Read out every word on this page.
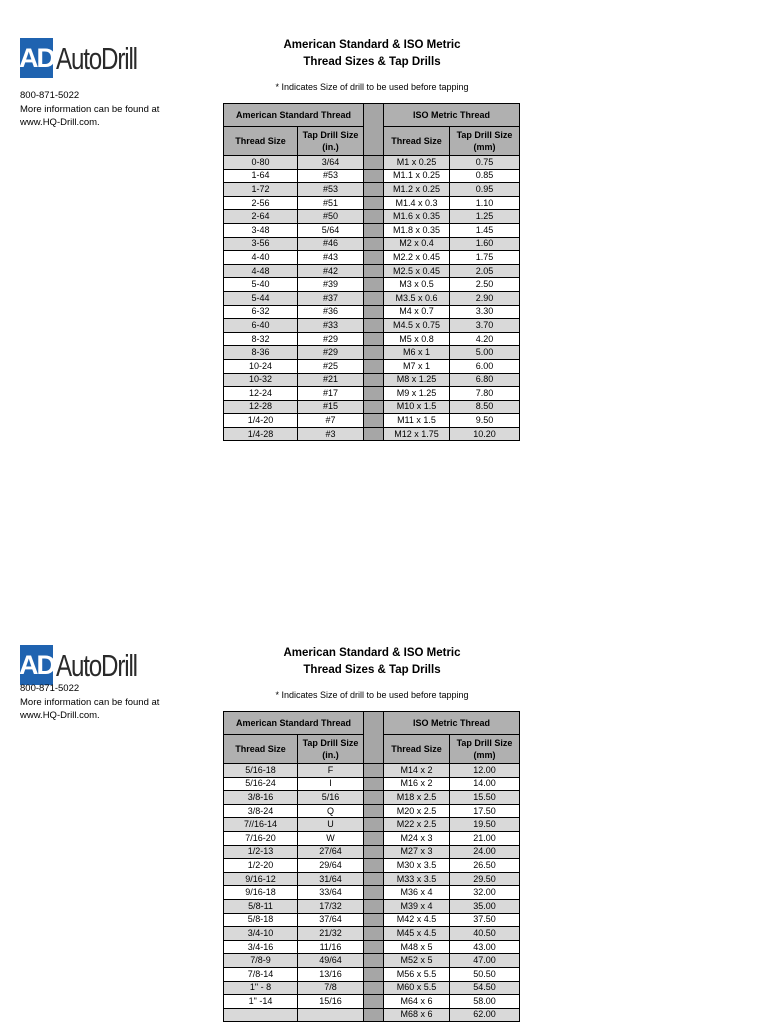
AD AutoDrill
800-871-5022
More information can be found at
www.HQ-Drill.com.
American Standard & ISO Metric
Thread Sizes & Tap Drills
* Indicates Size of drill to be used before tapping
American Standard Thread			ISO Metric Thread	
Thread Size	Tap Drill Size (in.)		Thread Size	Tap Drill Size (mm)
0-80	3/64		M1 x 0.25	0.75
1-64	#53		M1.1 x 0.25	0.85
1-72	#53		M1.2 x 0.25	0.95
2-56	#51		M1.4 x 0.3	1.10
2-64	#50		M1.6 x 0.35	1.25
3-48	5/64		M1.8 x 0.35	1.45
3-56	#46		M2 x 0.4	1.60
4-40	#43		M2.2 x 0.45	1.75
4-48	#42		M2.5 x 0.45	2.05
5-40	#39		M3 x 0.5	2.50
5-44	#37		M3.5 x 0.6	2.90
6-32	#36		M4 x 0.7	3.30
6-40	#33		M4.5 x 0.75	3.70
8-32	#29		M5 x 0.8	4.20
8-36	#29		M6 x 1	5.00
10-24	#25		M7 x 1	6.00
10-32	#21		M8 x 1.25	6.80
12-24	#17		M9 x 1.25	7.80
12-28	#15		M10 x 1.5	8.50
1/4-20	#7		M11 x 1.5	9.50
1/4-28	#3		M12 x 1.75	10.20
AD AutoDrill
800-871-5022
More information can be found at
www.HQ-Drill.com.
American Standard & ISO Metric
Thread Sizes & Tap Drills
* Indicates Size of drill to be used before tapping
American Standard Thread			ISO Metric Thread	
Thread Size	Tap Drill Size (in.)		Thread Size	Tap Drill Size (mm)
5/16-18	F		M14 x 2	12.00
5/16-24	I		M16 x 2	14.00
3/8-16	5/16		M18 x 2.5	15.50
3/8-24	Q		M20 x 2.5	17.50
7//16-14	U		M22 x 2.5	19.50
7/16-20	W		M24 x 3	21.00
1/2-13	27/64		M27 x 3	24.00
1/2-20	29/64		M30 x 3.5	26.50
9/16-12	31/64		M33 x 3.5	29.50
9/16-18	33/64		M36 x 4	32.00
5/8-11	17/32		M39 x 4	35.00
5/8-18	37/64		M42 x 4.5	37.50
3/4-10	21/32		M45 x 4.5	40.50
3/4-16	11/16		M48 x 5	43.00
7/8-9	49/64		M52 x 5	47.00
7/8-14	13/16		M56 x 5.5	50.50
1" - 8	7/8		M60 x 5.5	54.50
1" -14	15/16		M64 x 6	58.00
			M68 x 6	62.00
